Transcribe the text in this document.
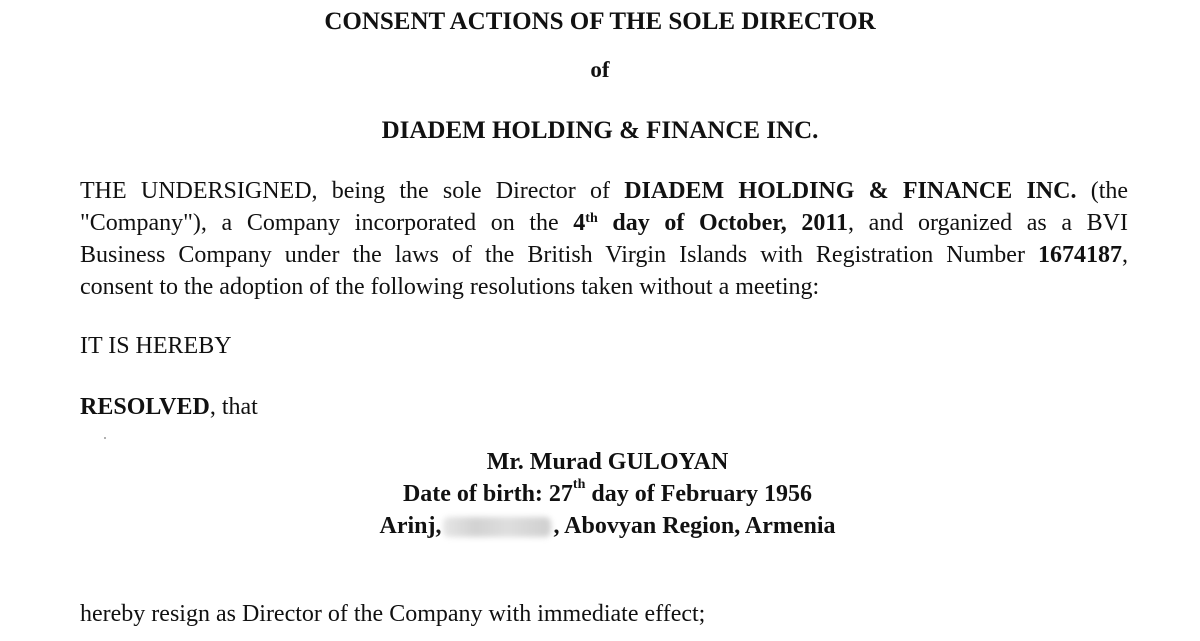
CONSENT ACTIONS OF THE SOLE DIRECTOR
of
DIADEM HOLDING & FINANCE INC.
THE UNDERSIGNED, being the sole Director of DIADEM HOLDING & FINANCE INC. (the
"Company"), a Company incorporated on the 4th day of October, 2011, and organized as a BVI
Business Company under the laws of the British Virgin Islands with Registration Number 1674187,
consent to the adoption of the following resolutions taken without a meeting:
IT IS HEREBY
RESOLVED, that
Mr. Murad GULOYAN
Date of birth: 27th day of February 1956
Arinj,	, Abovyan Region, Armenia
hereby resign as Director of the Company with immediate effect;
